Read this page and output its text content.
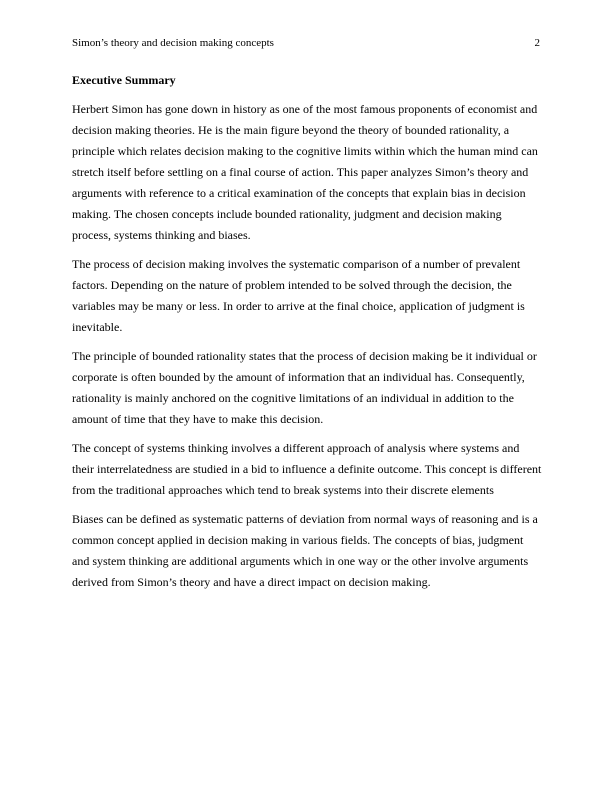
Simon’s theory and decision making concepts	2
Executive Summary

Herbert Simon has gone down in history as one of the most famous proponents of economist and decision making theories. He is the main figure beyond the theory of bounded rationality, a principle which relates decision making to the cognitive limits within which the human mind can stretch itself before settling on a final course of action. This paper analyzes Simon’s theory and arguments with reference to a critical examination of the concepts that explain bias in decision making. The chosen concepts include bounded rationality, judgment and decision making process, systems thinking and biases.

The process of decision making involves the systematic comparison of a number of prevalent factors. Depending on the nature of problem intended to be solved through the decision, the variables may be many or less. In order to arrive at the final choice, application of judgment is inevitable.

The principle of bounded rationality states that the process of decision making be it individual or corporate is often bounded by the amount of information that an individual has. Consequently, rationality is mainly anchored on the cognitive limitations of an individual in addition to the amount of time that they have to make this decision.

The concept of systems thinking involves a different approach of analysis where systems and their interrelatedness are studied in a bid to influence a definite outcome. This concept is different from the traditional approaches which tend to break systems into their discrete elements

Biases can be defined as systematic patterns of deviation from normal ways of reasoning and is a common concept applied in decision making in various fields. The concepts of bias, judgment and system thinking are additional arguments which in one way or the other involve arguments derived from Simon’s theory and have a direct impact on decision making.
